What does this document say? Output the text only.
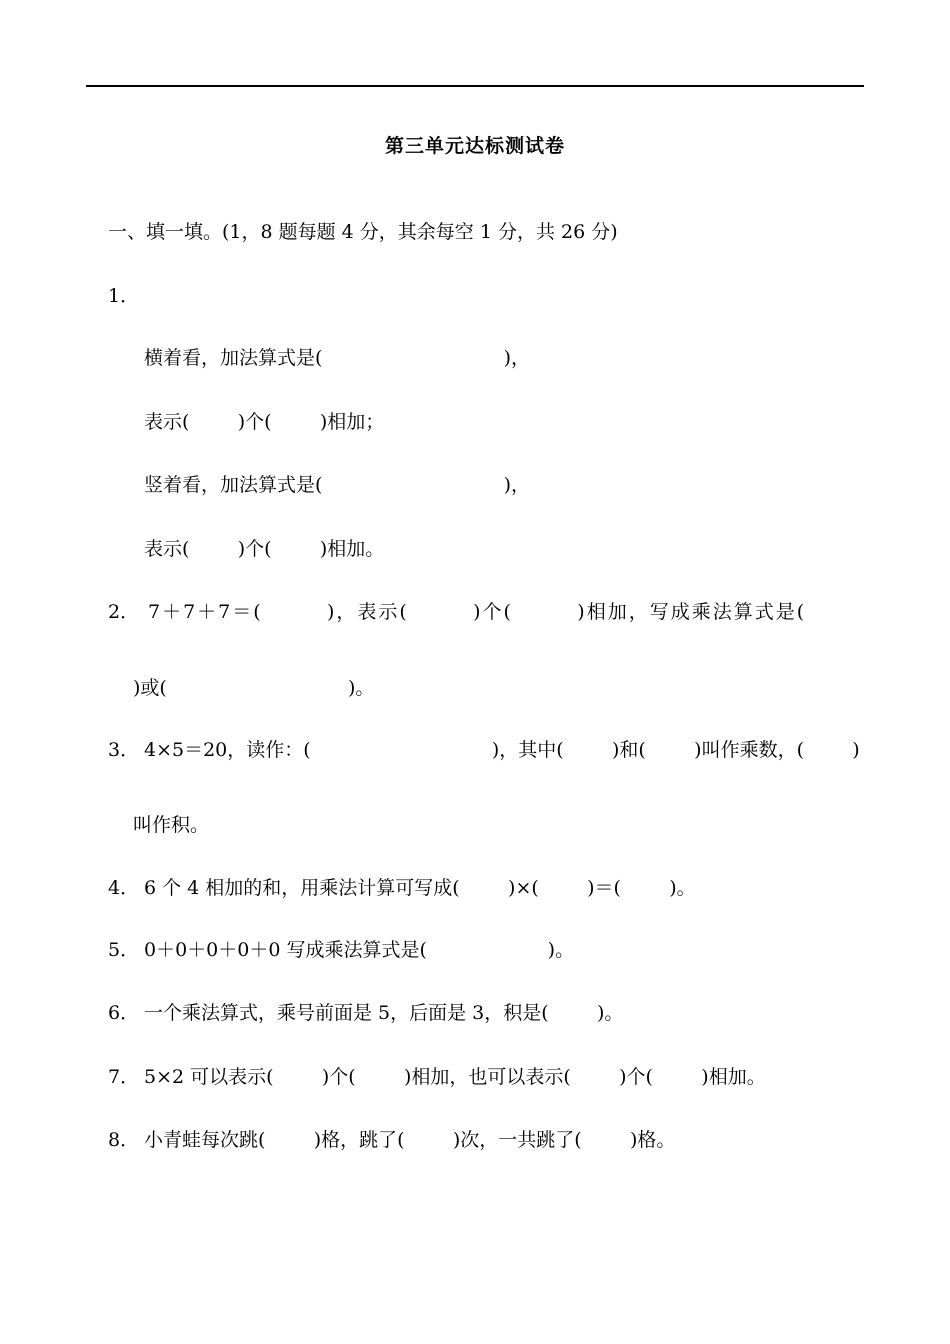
第三单元达标测试卷
一、填一填。(1，8 题每题 4 分，其余每空 1 分，共 26 分)
1．
横着看，加法算式是(                              )，
表示(        )个(        )相加；
竖着看，加法算式是(                              )，
表示(        )个(        )相加。
2． 7＋7＋7＝(        )，表示(        )个(        )相加，写成乘法算式是(
)或(                              )。
3． 4×5＝20，读作：(                              )，其中(        )和(        )叫作乘数，(        )
叫作积。
4． 6 个 4 相加的和，用乘法计算可写成(        )×(        )＝(        )。
5． 0＋0＋0＋0＋0 写成乘法算式是(                    )。
6． 一个乘法算式，乘号前面是 5，后面是 3，积是(        )。
7． 5×2 可以表示(        )个(        )相加，也可以表示(        )个(        )相加。
8． 小青蛙每次跳(        )格，跳了(        )次，一共跳了(        )格。
